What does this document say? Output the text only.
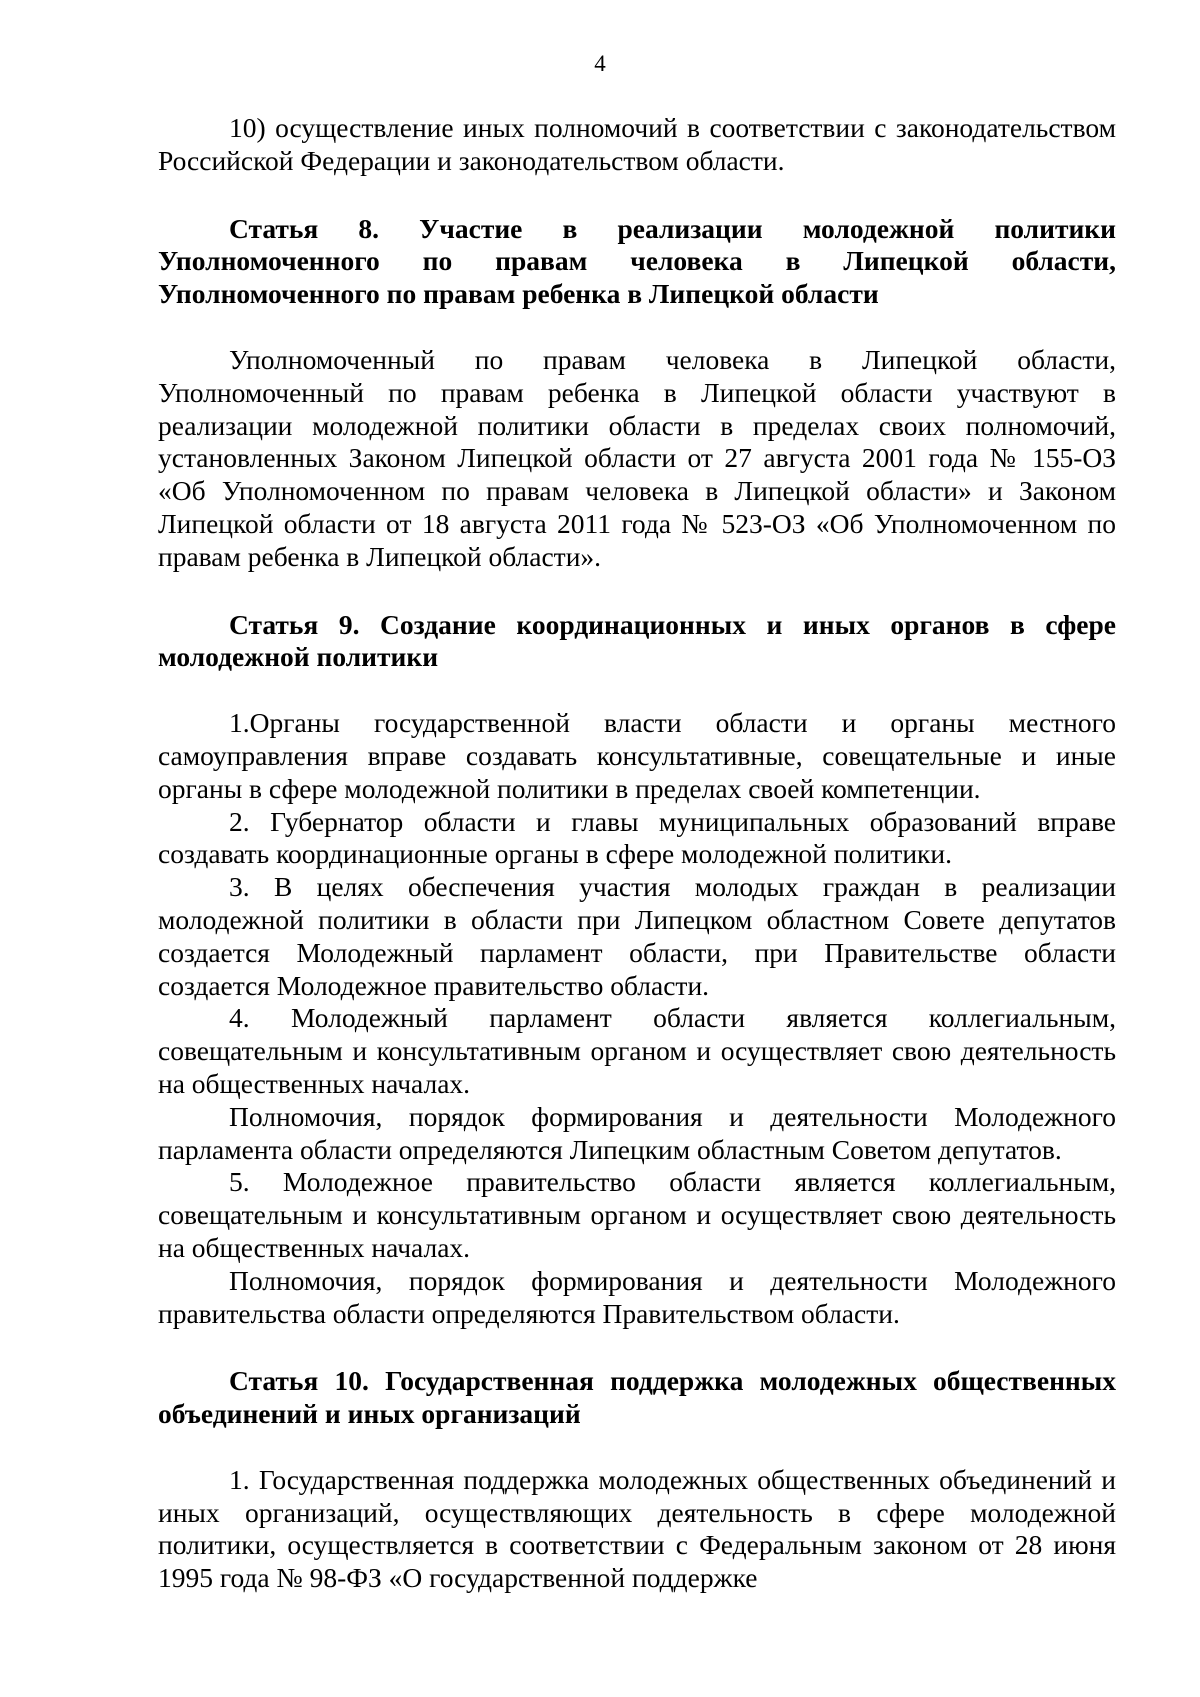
4

10) осуществление иных полномочий в соответствии с законодательством Российской Федерации и законодательством области.

Статья 8. Участие в реализации молодежной политики Уполномоченного по правам человека в Липецкой области, Уполномоченного по правам ребенка в Липецкой области

Уполномоченный по правам человека в Липецкой области, Уполномоченный по правам ребенка в Липецкой области участвуют в реализации молодежной политики области в пределах своих полномочий, установленных Законом Липецкой области от 27 августа 2001 года № 155-ОЗ «Об Уполномоченном по правам человека в Липецкой области» и Законом Липецкой области от 18 августа 2011 года № 523-ОЗ «Об Уполномоченном по правам ребенка в Липецкой области».

Статья 9. Создание координационных и иных органов в сфере молодежной политики

1.Органы государственной власти области и органы местного самоуправления вправе создавать консультативные, совещательные и иные органы в сфере молодежной политики в пределах своей компетенции.

2. Губернатор области и главы муниципальных образований вправе создавать координационные органы в сфере молодежной политики.

3. В целях обеспечения участия молодых граждан в реализации молодежной политики в области при Липецком областном Совете депутатов создается Молодежный парламент области, при Правительстве области создается Молодежное правительство области.

4. Молодежный парламент области является коллегиальным, совещательным и консультативным органом и осуществляет свою деятельность на общественных началах.

Полномочия, порядок формирования и деятельности Молодежного парламента области определяются Липецким областным Советом депутатов.

5. Молодежное правительство области является коллегиальным, совещательным и консультативным органом и осуществляет свою деятельность на общественных началах.

Полномочия, порядок формирования и деятельности Молодежного правительства области определяются Правительством области.

Статья 10. Государственная поддержка молодежных общественных объединений и иных организаций

1. Государственная поддержка молодежных общественных объединений и иных организаций, осуществляющих деятельность в сфере молодежной политики, осуществляется в соответствии с Федеральным законом от 28 июня 1995 года № 98-ФЗ «О государственной поддержке
